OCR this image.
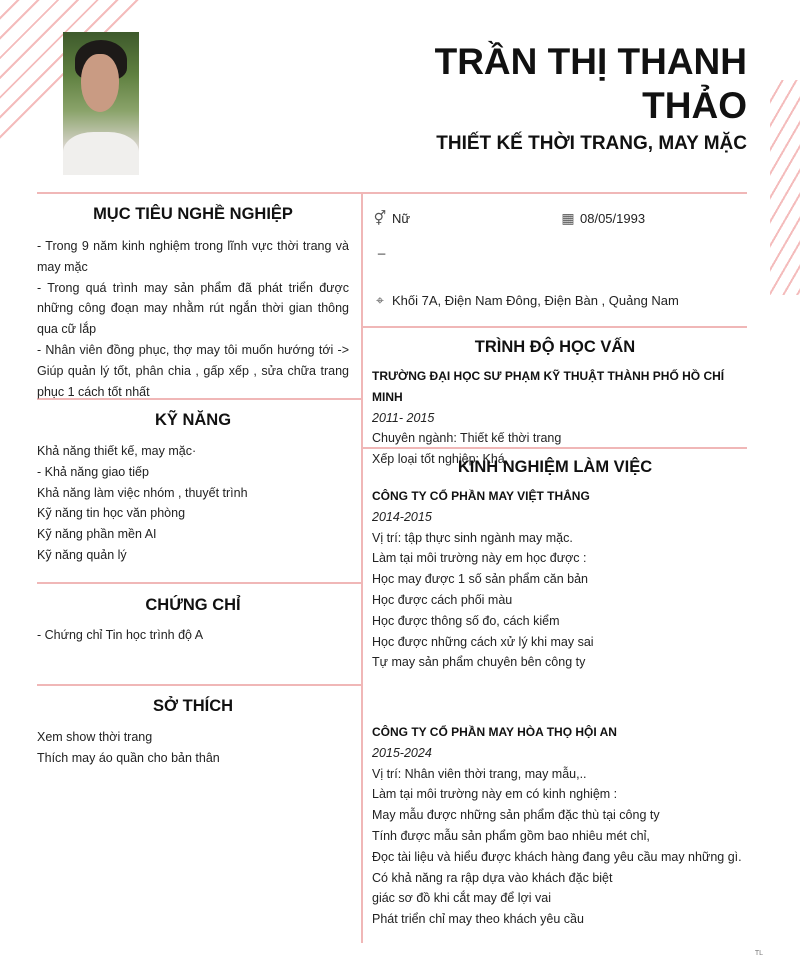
TRẦN THỊ THANH
THẢO
THIẾT KẾ THỜI TRANG, MAY MẶC
MỤC TIÊU NGHỀ NGHIỆP
- Trong 9 năm kinh nghiệm trong lĩnh vực thời trang và may mặc
- Trong quá trình may sản phẩm đã phát triển được những công đoạn may nhằm rút ngắn thời gian thông qua cữ lắp
- Nhân viên đồng phục, thợ may tôi muốn hướng tới -> Giúp quản lý tốt, phân chia , gấp xếp , sửa chữa trang phục 1 cách tốt nhất
KỸ NĂNG
Khả năng thiết kế, may mặc·
- Khả năng giao tiếp
Khả năng làm việc nhóm , thuyết trình
Kỹ năng tin học văn phòng
Kỹ năng phần mền AI
Kỹ năng quản lý
CHỨNG CHỈ
- Chứng chỉ Tin học trình độ A
SỞ THÍCH
Xem show thời trang
Thích may áo quần cho bản thân
⚥ Nữ	▦ 08/05/1993
_
⌖ Khối 7A, Điện Nam Đông, Điện Bàn , Quảng Nam
TRÌNH ĐỘ HỌC VẤN
TRƯỜNG ĐẠI HỌC SƯ PHẠM KỸ THUẬT THÀNH PHỐ HỒ CHÍ MINH
2011- 2015
Chuyên ngành: Thiết kế thời trang
Xếp loại tốt nghiệp: Khá
KINH NGHIỆM LÀM VIỆC
CÔNG TY CỔ PHẦN MAY VIỆT THẮNG
2014-2015
Vị trí: tập thực sinh ngành may mặc.
Làm tại môi trường này em học được :
Học may được 1 số sản phẩm căn bản
Học được cách phối màu
Học được thông số đo, cách kiểm
Học được những cách xử lý khi may sai
Tự may sản phẩm chuyên bên công ty
CÔNG TY CỔ PHẦN MAY HÒA THỌ HỘI AN
2015-2024
Vị trí: Nhân viên thời trang, may mẫu,..
Làm tại môi trường này em có kinh nghiệm :
May mẫu được những sản phẩm đặc thù tại công ty
Tính được mẫu sản phẩm gồm bao nhiêu mét chỉ,
Đọc tài liệu và hiểu được khách hàng đang yêu cầu may những gì.
Có khả năng ra rập dựa vào khách đặc biệt
giác sơ đồ khi cắt may để lợi vai
Phát triển chỉ may theo khách yêu cầu
TL
